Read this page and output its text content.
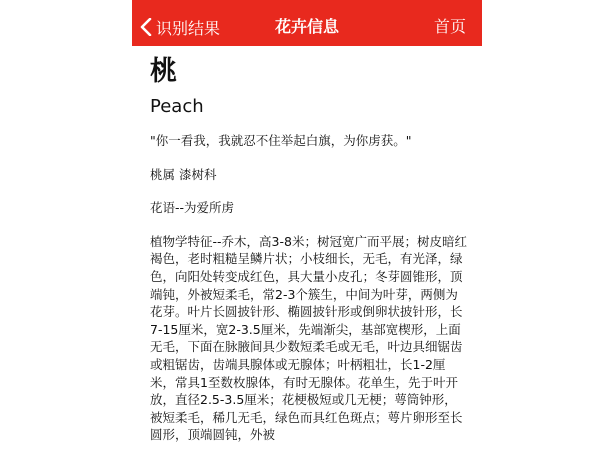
识别结果	花卉信息	首页
桃
Peach

"你一看我，我就忍不住举起白旗，为你虏获。"

桃属 漆树科

花语--为爱所虏

植物学特征--乔木，高3-8米；树冠宽广而平展；树皮暗红褐色，老时粗糙呈鳞片状；小枝细长，无毛，有光泽，绿色，向阳处转变成红色，具大量小皮孔；冬芽圆锥形，顶端钝，外被短柔毛，常2-3个簇生，中间为叶芽，两侧为花芽。叶片长圆披针形、椭圆披针形或倒卵状披针形，长7-15厘米，宽2-3.5厘米，先端渐尖，基部宽楔形，上面无毛，下面在脉腋间具少数短柔毛或无毛，叶边具细锯齿或粗锯齿，齿端具腺体或无腺体；叶柄粗壮，长1-2厘米，常具1至数枚腺体，有时无腺体。花单生，先于叶开放，直径2.5-3.5厘米；花梗极短或几无梗；萼筒钟形，被短柔毛，稀几无毛，绿色而具红色斑点；萼片卵形至长圆形，顶端圆钝，外被
